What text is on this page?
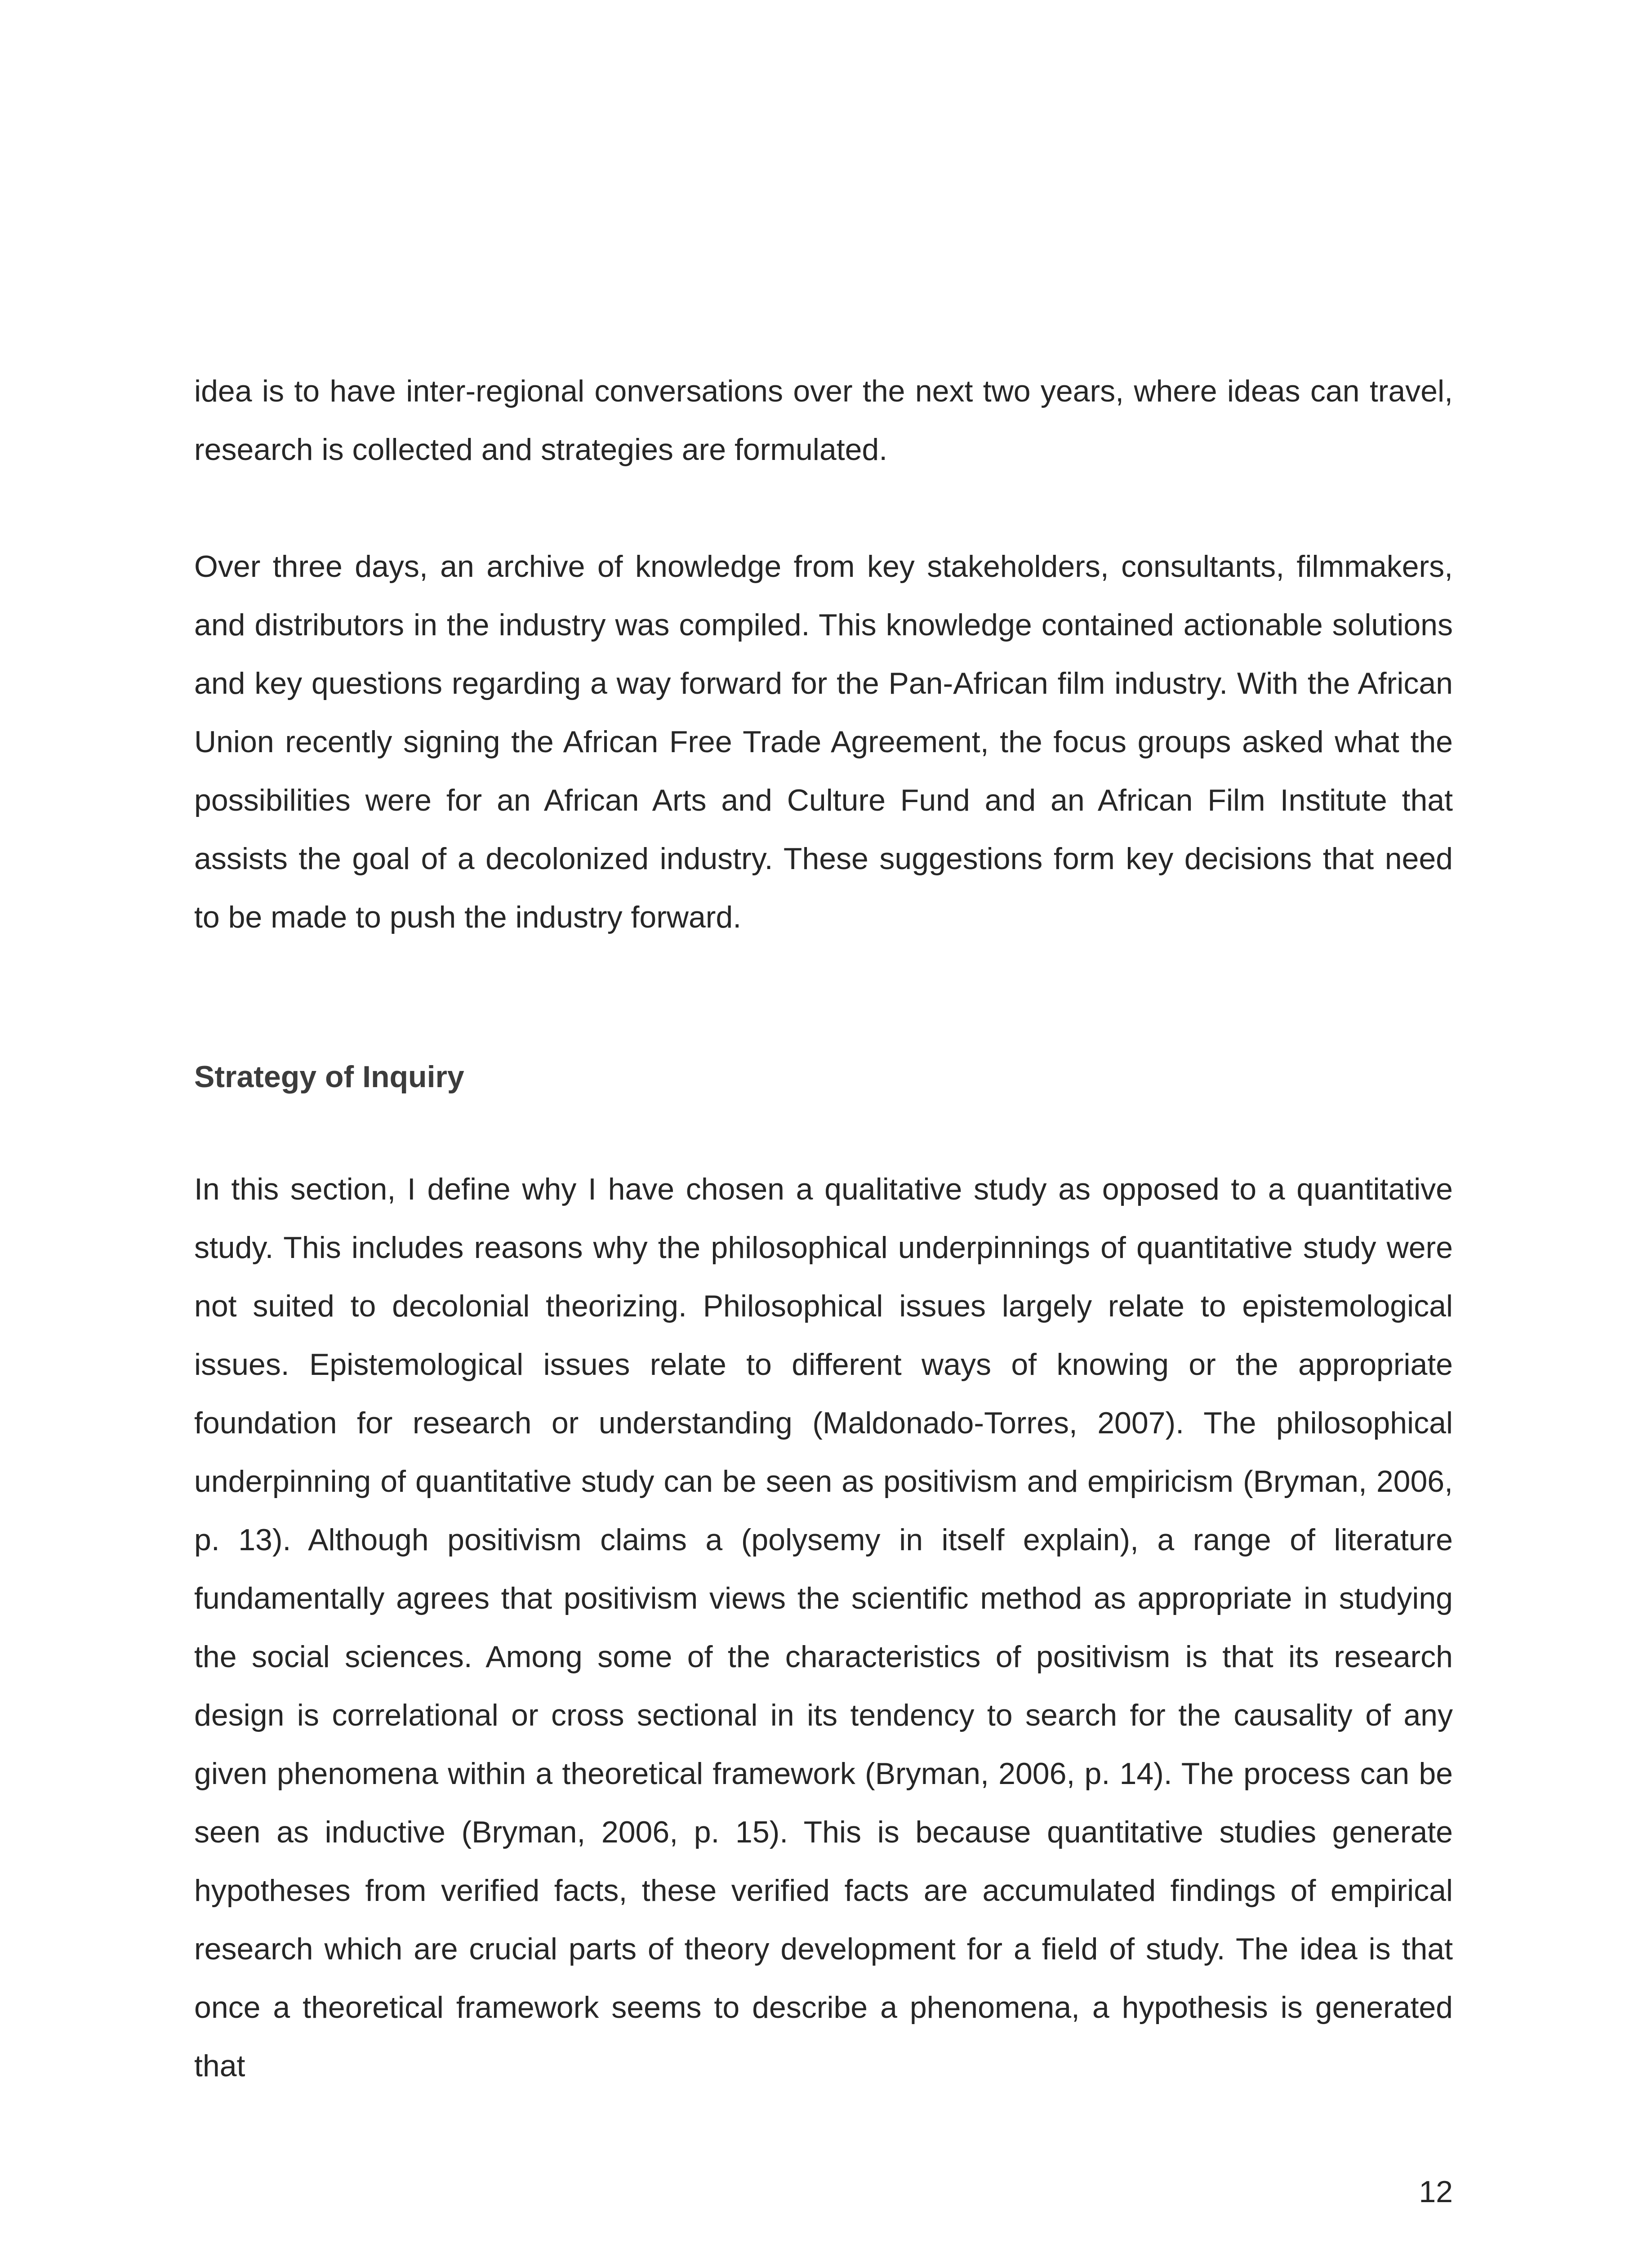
idea is to have inter-regional conversations over the next two years, where ideas can travel, research is collected and strategies are formulated.

Over three days, an archive of knowledge from key stakeholders, consultants, filmmakers, and distributors in the industry was compiled. This knowledge contained actionable solutions and key questions regarding a way forward for the Pan-African film industry. With the African Union recently signing the African Free Trade Agreement, the focus groups asked what the possibilities were for an African Arts and Culture Fund and an African Film Institute that assists the goal of a decolonized industry. These suggestions form key decisions that need to be made to push the industry forward.

Strategy of Inquiry

In this section, I define why I have chosen a qualitative study as opposed to a quantitative study. This includes reasons why the philosophical underpinnings of quantitative study were not suited to decolonial theorizing. Philosophical issues largely relate to epistemological issues. Epistemological issues relate to different ways of knowing or the appropriate foundation for research or understanding (Maldonado-Torres, 2007). The philosophical underpinning of quantitative study can be seen as positivism and empiricism (Bryman, 2006, p. 13). Although positivism claims a (polysemy in itself explain), a range of literature fundamentally agrees that positivism views the scientific method as appropriate in studying the social sciences. Among some of the characteristics of positivism is that its research design is correlational or cross sectional in its tendency to search for the causality of any given phenomena within a theoretical framework (Bryman, 2006, p. 14). The process can be seen as inductive (Bryman, 2006, p. 15). This is because quantitative studies generate hypotheses from verified facts, these verified facts are accumulated findings of empirical research which are crucial parts of theory development for a field of study. The idea is that once a theoretical framework seems to describe a phenomena, a hypothesis is generated that

12
